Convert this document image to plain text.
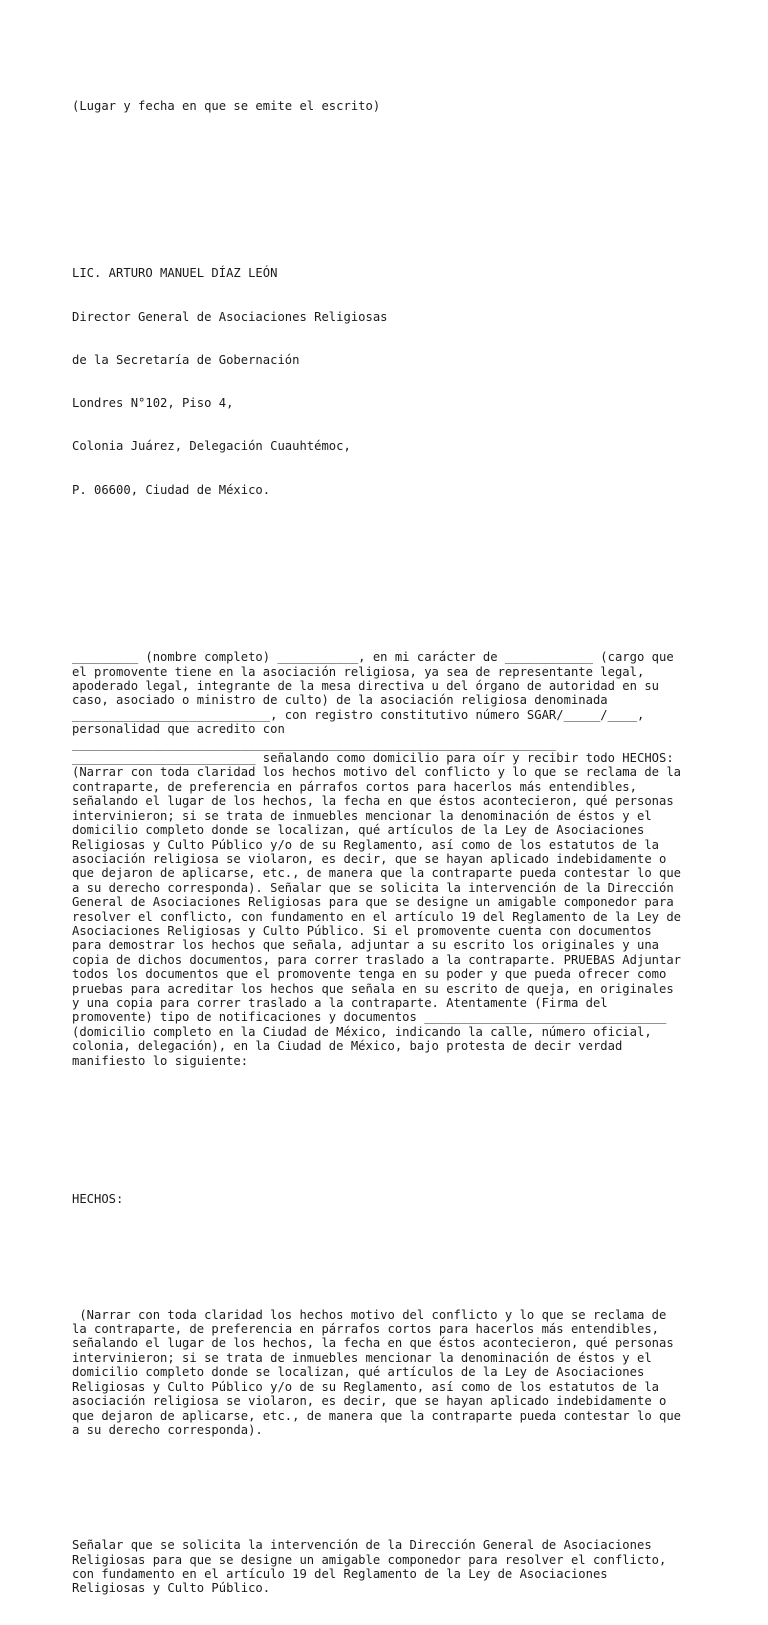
(Lugar y fecha en que se emite el escrito)

LIC. ARTURO MANUEL DÍAZ LEÓN

Director General de Asociaciones Religiosas

de la Secretaría de Gobernación

Londres N°102, Piso 4,

Colonia Juárez, Delegación Cuauhtémoc,

P. 06600, Ciudad de México.

_________ (nombre completo) ___________, en mi carácter de ____________ (cargo que
el promovente tiene en la asociación religiosa, ya sea de representante legal,
apoderado legal, integrante de la mesa directiva u del órgano de autoridad en su
caso, asociado o ministro de culto) de la asociación religiosa denominada
___________________________, con registro constitutivo número SGAR/_____/____,
personalidad que acredito con
__________________________________________________________________
_________________________ señalando como domicilio para oír y recibir todo HECHOS:
(Narrar con toda claridad los hechos motivo del conflicto y lo que se reclama de la
contraparte, de preferencia en párrafos cortos para hacerlos más entendibles,
señalando el lugar de los hechos, la fecha en que éstos acontecieron, qué personas
intervinieron; si se trata de inmuebles mencionar la denominación de éstos y el
domicilio completo donde se localizan, qué artículos de la Ley de Asociaciones
Religiosas y Culto Público y/o de su Reglamento, así como de los estatutos de la
asociación religiosa se violaron, es decir, que se hayan aplicado indebidamente o
que dejaron de aplicarse, etc., de manera que la contraparte pueda contestar lo que
a su derecho corresponda). Señalar que se solicita la intervención de la Dirección
General de Asociaciones Religiosas para que se designe un amigable componedor para
resolver el conflicto, con fundamento en el artículo 19 del Reglamento de la Ley de
Asociaciones Religiosas y Culto Público. Si el promovente cuenta con documentos
para demostrar los hechos que señala, adjuntar a su escrito los originales y una
copia de dichos documentos, para correr traslado a la contraparte. PRUEBAS Adjuntar
todos los documentos que el promovente tenga en su poder y que pueda ofrecer como
pruebas para acreditar los hechos que señala en su escrito de queja, en originales
y una copia para correr traslado a la contraparte. Atentamente (Firma del
promovente) tipo de notificaciones y documentos _________________________________
(domicilio completo en la Ciudad de México, indicando la calle, número oficial,
colonia, delegación), en la Ciudad de México, bajo protesta de decir verdad
manifiesto lo siguiente:

HECHOS:

(Narrar con toda claridad los hechos motivo del conflicto y lo que se reclama de
la contraparte, de preferencia en párrafos cortos para hacerlos más entendibles,
señalando el lugar de los hechos, la fecha en que éstos acontecieron, qué personas
intervinieron; si se trata de inmuebles mencionar la denominación de éstos y el
domicilio completo donde se localizan, qué artículos de la Ley de Asociaciones
Religiosas y Culto Público y/o de su Reglamento, así como de los estatutos de la
asociación religiosa se violaron, es decir, que se hayan aplicado indebidamente o
que dejaron de aplicarse, etc., de manera que la contraparte pueda contestar lo que
a su derecho corresponda).

Señalar que se solicita la intervención de la Dirección General de Asociaciones
Religiosas para que se designe un amigable componedor para resolver el conflicto,
con fundamento en el artículo 19 del Reglamento de la Ley de Asociaciones
Religiosas y Culto Público.
